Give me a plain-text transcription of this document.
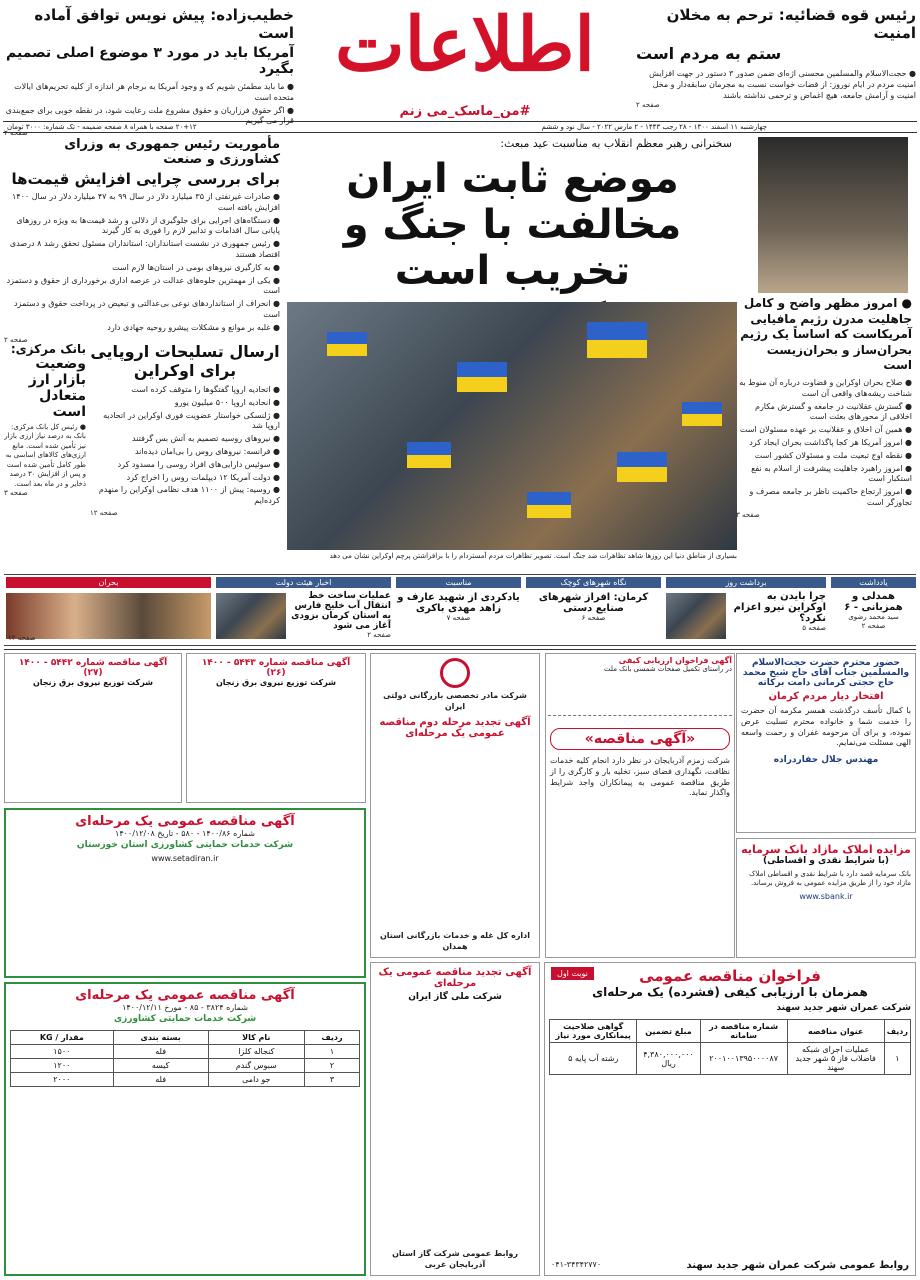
اطلاعات
#من_ماسک_می زنم
چهارشنبه ۱۱ اسفند ۱۴۰۰ - ۲۸ رجب ۱۴۴۳ - ۲ مارس ۲۰۲۲ - سال نود و ششم
۲۰+۱۲ صفحه با همراه ۸ صفحه ضمیمه - تک شماره: ۳۰۰۰ تومان
رئیس قوه قضائیه: ترحم به مخلان امنیت
ستم به مردم است
● حجت‌الاسلام والمسلمین محسنی اژه‌ای ضمن صدور ۳ دستور در جهت افزایش امنیت مردم در ایام نوروز: از قضات خواست نسبت به مجرمان سابقه‌دار و مخل امنیت و آرامش جامعه، هیچ اغماض و ترحمی نداشته باشند
صفحه ۲
خطیب‌زاده: پیش نویس توافق آماده است
آمریکا باید در مورد ۳ موضوع اصلی تصمیم بگیرد
● ما باید مطمئن شویم که و وجود آمریکا به برجام هر اندازه از کلیه تحریم‌های ایالات متحده است
● اگر حقوق فرزاریان و حقوق مشروع ملت رعایت شود، در نقطه خوبی برای جمع‌بندی قرار می گیریم
صفحه ۲
سخنرانی رهبر معظم انقلاب به مناسبت عید مبعث:
موضع ثابت ایران
مخالفت با جنگ و تخریب است
بسیاری از مناطق دنیا این روزها شاهد تظاهرات ضد جنگ است. تصویر تظاهرات مردم آمستردام را با برافراشتن پرچم اوکراین نشان می دهد
● امروز مظهر واضح و کامل جاهلیت مدرن رژیم مافیایی آمریکاست که اساساً یک رژیم بحران‌ساز و بحران‌زیست است
● صلاح بحران اوکراین و قضاوت درباره آن منوط به شناخت ریشه‌های واقعی آن است
● گسترش عقلانیت در جامعه و گسترش مکارم اخلاقی از محورهای بعثت است
● همین آن اخلاق و عقلانیت بر عهده مسئولان است
● امروز آمریکا هر کجا پاگذاشت بحران ایجاد کرد
● نقطه اوج تبعیت ملت و مسئولان کشور است
● امروز راهبرد جاهلیت پیشرفت از اسلام به نفع استکبار است
● امروز ارتجاع حاکمیت ناظر بر جامعه مصرف و تجاوزگر است
صفحه ۳
مأموریت رئیس جمهوری به وزرای کشاورزی و صنعت
برای بررسی چرایی افزایش قیمت‌ها
● صادرات غیرنفتی از ۳۵ میلیارد دلار در سال ۹۹ به ۴۷ میلیارد دلار در سال ۱۴۰۰ افزایش یافته است
● دستگاه‌های اجرایی برای جلوگیری از دلالی و رشد قیمت‌ها به ویژه در روزهای پایانی سال اقدامات و تدابیر لازم را فوری به کار گیرند
● رئیس جمهوری در نشست استانداران: استانداران مسئول تحقق رشد ۸ درصدی اقتصاد هستند
● به کارگیری نیروهای بومی در استان‌ها لازم است
● یکی از مهمترین جلوه‌های عدالت در عرصه اداری برخورداری از حقوق و دستمزد است
● انحراف از استانداردهای نوعی بی‌عدالتی و تبعیض در پرداخت حقوق و دستمزد است
● غلبه بر موانع و مشکلات پیشرو روحیه جهادی دارد
صفحه ۲
ارسال تسلیحات اروپایی
برای اوکراین
● اتحادیه اروپا گفتگوها را متوقف کرده است
● انحادیه اروپا ۵۰۰ میلیون یورو
● ژلنسکی خواستار عضویت فوری اوکراین در اتحادیه اروپا شد
● نیروهای روسیه تصمیم به آتش بس گرفتند
● فرانسه: نیروهای روس را بی‌امان دیده‌اند
● سوئیس دارایی‌های افراد روسی را مسدود کرد
● دولت آمریکا ۱۲ دیپلمات روس را اخراج کرد
● روسیه: پیش از ۱۱۰۰ هدف نظامی اوکراین را منهدم کرده‌ایم
صفحه ۱۲
بانک مرکزی:
وضعیت
بازار ارز
متعادل است
● رئیس کل بانک مرکزی: بانک به درصد نیاز ارزی بازار نیز تأمین شده است. مانع ارزی‌های کالاهای اساسی به طور کامل تأمین شده است و پس از افزایش ۳۰ درصد ذخایر و در ماه بعد است.
صفحه ۳
یادداشت
همدلی و همزبانی - ۶
سید محمد رضوی
صفحه ۲
برداشت روز
چرا بایدن به اوکراین نیرو اعزام نکرد؟
صفحه ۵
نگاه شهرهای کوچک
کرمان: افراز شهرهای صنایع دستی
صفحه ۶
مناسبت
یادکردی از شهید عارف و زاهد مهدی باکری
صفحه ۷
اخبار هیئت دولت
عملیات ساخت خط انتقال آب خلیج فارس به استان کرمان بزودی آغاز می شود
صفحه ۲
بحران
صفحه ۱۲
حضور محترم حضرت حجت‌الاسلام والمسلمین جناب آقای حاج شیخ محمد حاج حجتی کرمانی دامت برکاته
افتخار دیار مردم کرمان
با کمال تأسف درگذشت همسر مکرمه آن حضرت را خدمت شما و خانواده محترم تسلیت عرض نموده، و برای آن مرحومه غفران و رحمت واسعه الهی مسئلت می‌نمایم.
مهندس جلال حفاردراده
مزایده املاک مازاد بانک سرمایه
(با شرایط نقدی و اقساطی)
بانک سرمایه قصد دارد با شرایط نقدی و اقساطی املاک مازاد خود را از طریق مزایده عمومی به فروش برساند.
www.sbank.ir
آگهی فراخوان ارزیابی کیفی
در راستای تکمیل صفحات شمسی بانک ملت
«آگهی مناقصه»
شرکت زمزم آذربایجان در نظر دارد انجام کلیه خدمات نظافت، نگهداری فضای سبز، تخلیه بار و کارگری را از طریق مناقصه عمومی به پیمانکاران واجد شرایط واگذار نماید.
شرکت مادر تخصصی بازرگانی دولتی ایران
آگهی تجدید مرحله دوم مناقصه عمومی یک مرحله‌ای
اداره کل غله و خدمات بازرگانی استان همدان
آگهی مناقصه شماره ۵۴۴۳ - ۱۴۰۰ (۲۶)
شرکت توزیع نیروی برق زنجان
آگهی مناقصه شماره ۵۴۴۲ - ۱۴۰۰ (۲۷)
شرکت توزیع نیروی برق زنجان
آگهی مناقصه عمومی یک مرحله‌ای
شماره ۱۴۰۰/۸۶ - ۵۸۰ - تاریخ ۱۴۰۰/۱۲/۰۸
شرکت خدمات حمایتی کشاورزی استان خوزستان
www.setadiran.ir
آگهی مناقصه عمومی یک مرحله‌ای
شماره ۳۸۲۴ - ۸۵ - مورخ ۱۴۰۰/۱۲/۱۱
شرکت خدمات حمایتی کشاورزی
ردیف	نام کالا	بسته بندی	مقدار / KG
۱	کنجاله کلزا	فله	۱۵۰۰
۲	سبوس گندم	کیسه	۱۲۰۰
۳	جو دامی	فله	۲۰۰۰
آگهی تجدید مناقصه عمومی یک مرحله‌ای
شرکت ملی گاز ایران
روابط عمومی شرکت گاز استان آذربایجان غربی
نوبت اول	فراخوان مناقصه عمومی
همزمان با ارزیابی کیفی (فشرده) یک مرحله‌ای
شرکت عمران شهر جدید سهند
ردیف	عنوان مناقصه	شماره مناقصه در سامانه	مبلغ تضمین	گواهی صلاحیت پیمانکاری مورد نیاز
۱	عملیات اجرای شبکه فاضلاب فاز ۵ شهر جدید سهند	۲۰۰۱۰۰۱۳۹۵۰۰۰۰۸۷	۴,۳۸۰,۰۰۰,۰۰۰ ریال	رشته آب پایه ۵
روابط عمومی شرکت عمران شهر جدید سهند
۰۴۱-۳۴۳۴۲۷۷۰
